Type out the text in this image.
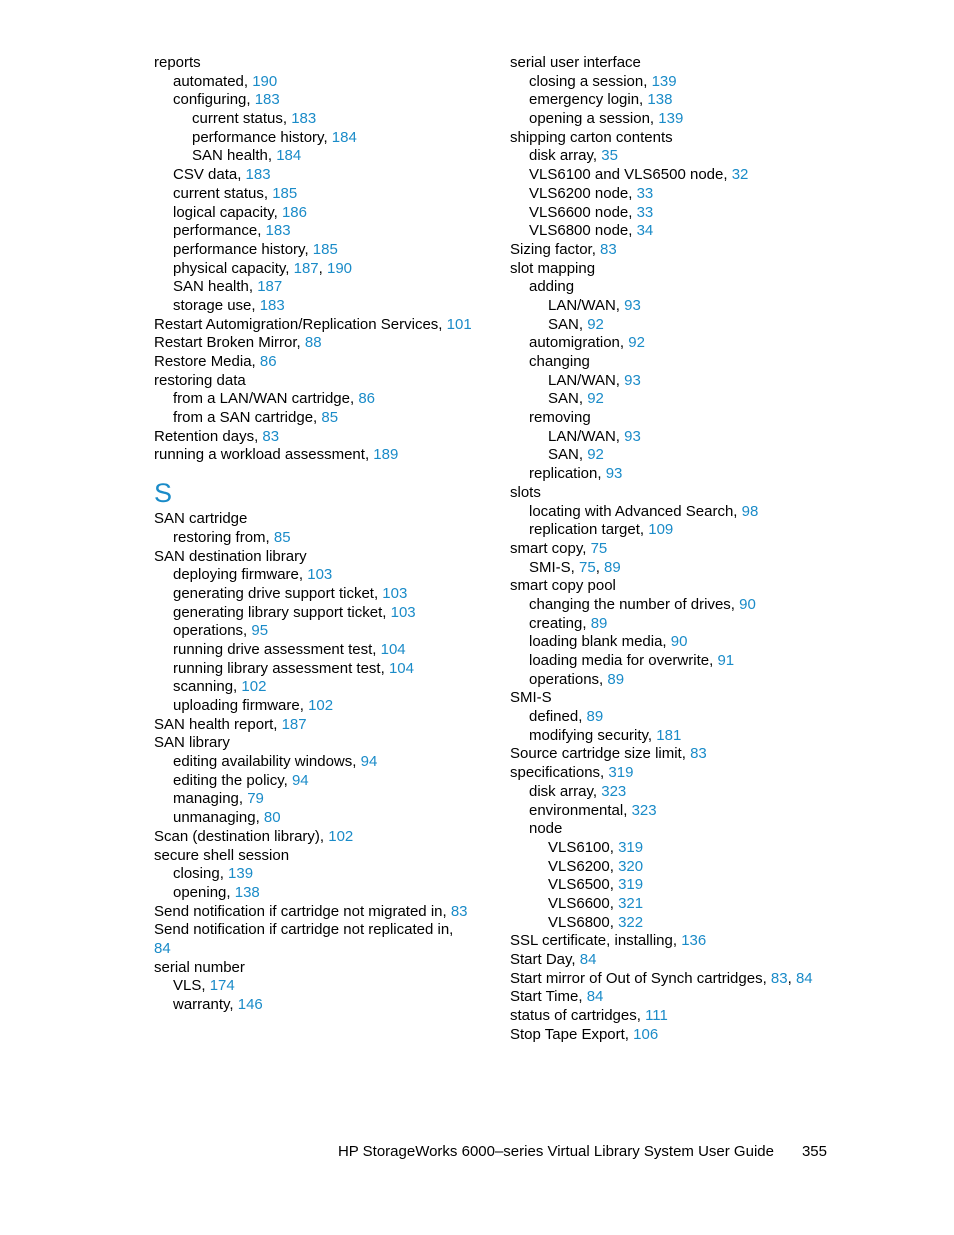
reports
automated, 190
configuring, 183
current status, 183
performance history, 184
SAN health, 184
CSV data, 183
current status, 185
logical capacity, 186
performance, 183
performance history, 185
physical capacity, 187, 190
SAN health, 187
storage use, 183
Restart Automigration/Replication Services, 101
Restart Broken Mirror, 88
Restore Media, 86
restoring data
from a LAN/WAN cartridge, 86
from a SAN cartridge, 85
Retention days, 83
running a workload assessment, 189
S
SAN cartridge
restoring from, 85
SAN destination library
deploying firmware, 103
generating drive support ticket, 103
generating library support ticket, 103
operations, 95
running drive assessment test, 104
running library assessment test, 104
scanning, 102
uploading firmware, 102
SAN health report, 187
SAN library
editing availability windows, 94
editing the policy, 94
managing, 79
unmanaging, 80
Scan (destination library), 102
secure shell session
closing, 139
opening, 138
Send notification if cartridge not migrated in, 83
Send notification if cartridge not replicated in, 84
serial number
VLS, 174
warranty, 146
serial user interface
closing a session, 139
emergency login, 138
opening a session, 139
shipping carton contents
disk array, 35
VLS6100 and VLS6500 node, 32
VLS6200 node, 33
VLS6600 node, 33
VLS6800 node, 34
Sizing factor, 83
slot mapping
adding
LAN/WAN, 93
SAN, 92
automigration, 92
changing
LAN/WAN, 93
SAN, 92
removing
LAN/WAN, 93
SAN, 92
replication, 93
slots
locating with Advanced Search, 98
replication target, 109
smart copy, 75
SMI-S, 75, 89
smart copy pool
changing the number of drives, 90
creating, 89
loading blank media, 90
loading media for overwrite, 91
operations, 89
SMI-S
defined, 89
modifying security, 181
Source cartridge size limit, 83
specifications, 319
disk array, 323
environmental, 323
node
VLS6100, 319
VLS6200, 320
VLS6500, 319
VLS6600, 321
VLS6800, 322
SSL certificate, installing, 136
Start Day, 84
Start mirror of Out of Synch cartridges, 83, 84
Start Time, 84
status of cartridges, 111
Stop Tape Export, 106
HP StorageWorks 6000–series Virtual Library System User Guide 355
